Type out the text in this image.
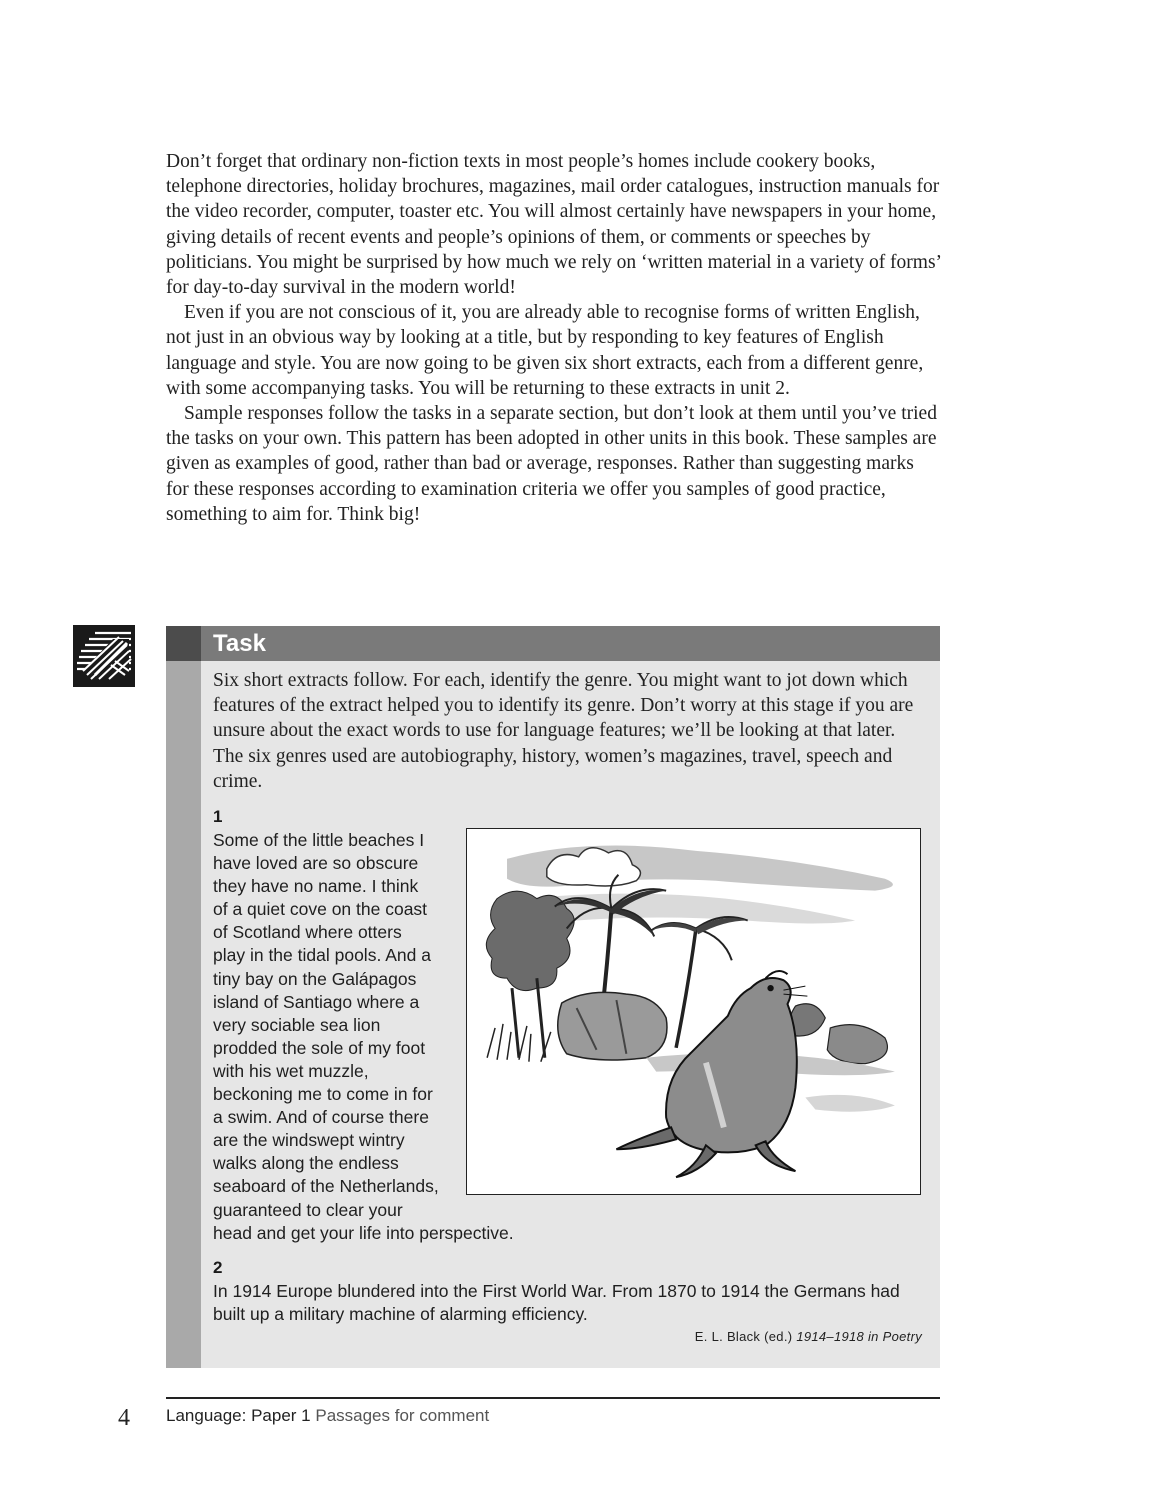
Don’t forget that ordinary non-fiction texts in most people’s homes include cookery books, telephone directories, holiday brochures, magazines, mail order catalogues, instruction manuals for the video recorder, computer, toaster etc. You will almost certainly have newspapers in your home, giving details of recent events and people’s opinions of them, or comments or speeches by politicians. You might be surprised by how much we rely on ‘written material in a variety of forms’ for day-to-day survival in the modern world!

Even if you are not conscious of it, you are already able to recognise forms of written English, not just in an obvious way by looking at a title, but by responding to key features of English language and style. You are now going to be given six short extracts, each from a different genre, with some accompanying tasks. You will be returning to these extracts in unit 2.

Sample responses follow the tasks in a separate section, but don’t look at them until you’ve tried the tasks on your own. This pattern has been adopted in other units in this book. These samples are given as examples of good, rather than bad or average, responses. Rather than suggesting marks for these responses according to examination criteria we offer you samples of good practice, something to aim for. Think big!

Task

Six short extracts follow. For each, identify the genre. You might want to jot down which features of the extract helped you to identify its genre. Don’t worry at this stage if you are unsure about the exact words to use for language features; we’ll be looking at that later. The six genres used are autobiography, history, women’s magazines, travel, speech and crime.

1
Some of the little beaches I
have loved are so obscure
they have no name. I think
of a quiet cove on the coast
of Scotland where otters
play in the tidal pools. And a
tiny bay on the Galápagos
island of Santiago where a
very sociable sea lion
prodded the sole of my foot
with his wet muzzle,
beckoning me to come in for
a swim. And of course there
are the windswept wintry
walks along the endless
seaboard of the Netherlands,
guaranteed to clear your
head and get your life into perspective.
2

In 1914 Europe blundered into the First World War. From 1870 to 1914 the Germans had built up a military machine of alarming efficiency.

E. L. Black (ed.) 1914–1918 in Poetry
4 Language: Paper 1 Passages for comment
